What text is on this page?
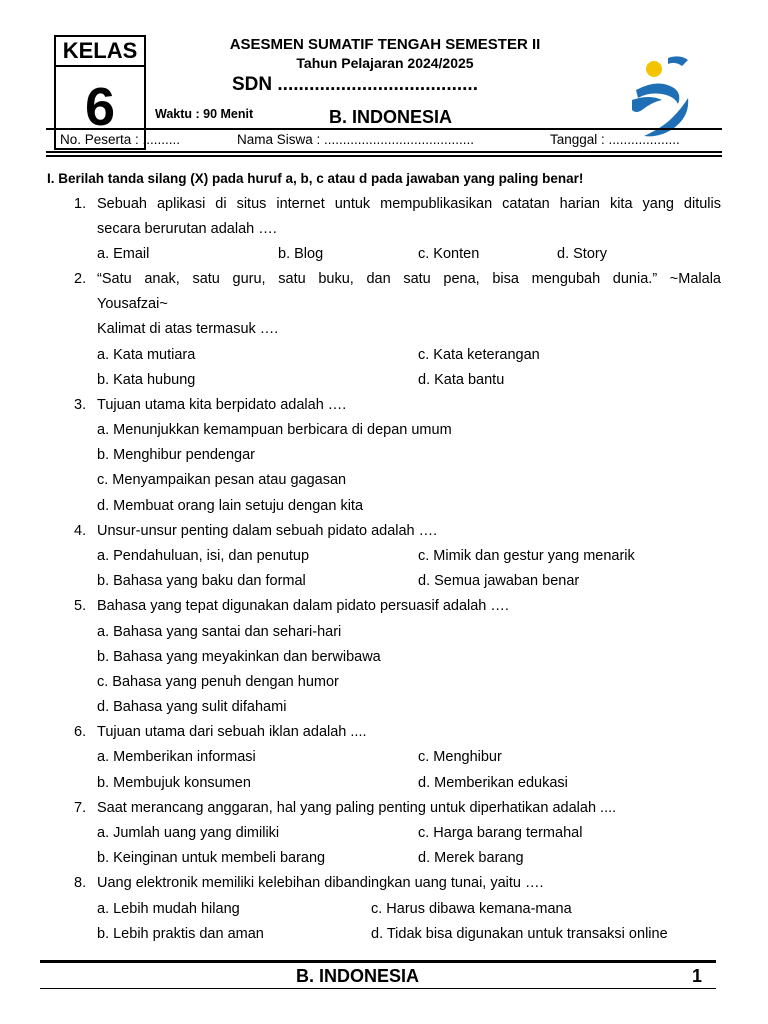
KELAS
6
ASESMEN SUMATIF TENGAH SEMESTER II
Tahun Pelajaran 2024/2025
SDN ......................................
Waktu : 90 Menit	B. INDONESIA
No. Peserta : ..........	Nama Siswa : ........................................	Tanggal : ...................
I. Berilah tanda silang (X) pada huruf a, b, c atau d pada jawaban yang paling benar!
1. Sebuah aplikasi di situs internet untuk mempublikasikan catatan harian kita yang ditulis
secara berurutan adalah ….
a. Email	b. Blog	c. Konten	d. Story
2. “Satu anak, satu guru, satu buku, dan satu pena, bisa mengubah dunia.” ~Malala
Yousafzai~
Kalimat di atas termasuk ….
a. Kata mutiara	c. Kata keterangan
b. Kata hubung	d. Kata bantu
3. Tujuan utama kita berpidato adalah ….
a. Menunjukkan kemampuan berbicara di depan umum
b. Menghibur pendengar
c. Menyampaikan pesan atau gagasan
d. Membuat orang lain setuju dengan kita
4. Unsur-unsur penting dalam sebuah pidato adalah ….
a. Pendahuluan, isi, dan penutup	c. Mimik dan gestur yang menarik
b. Bahasa yang baku dan formal	d. Semua jawaban benar
5. Bahasa yang tepat digunakan dalam pidato persuasif adalah ….
a. Bahasa yang santai dan sehari-hari
b. Bahasa yang meyakinkan dan berwibawa
c. Bahasa yang penuh dengan humor
d. Bahasa yang sulit difahami
6. Tujuan utama dari sebuah iklan adalah ....
a. Memberikan informasi	c. Menghibur
b. Membujuk konsumen	d. Memberikan edukasi
7. Saat merancang anggaran, hal yang paling penting untuk diperhatikan adalah ....
a. Jumlah uang yang dimiliki	c. Harga barang termahal
b. Keinginan untuk membeli barang	d. Merek barang
8. Uang elektronik memiliki kelebihan dibandingkan uang tunai, yaitu ….
a. Lebih mudah hilang	c. Harus dibawa kemana-mana
b. Lebih praktis dan aman	d. Tidak bisa digunakan untuk transaksi online
B. INDONESIA	1
